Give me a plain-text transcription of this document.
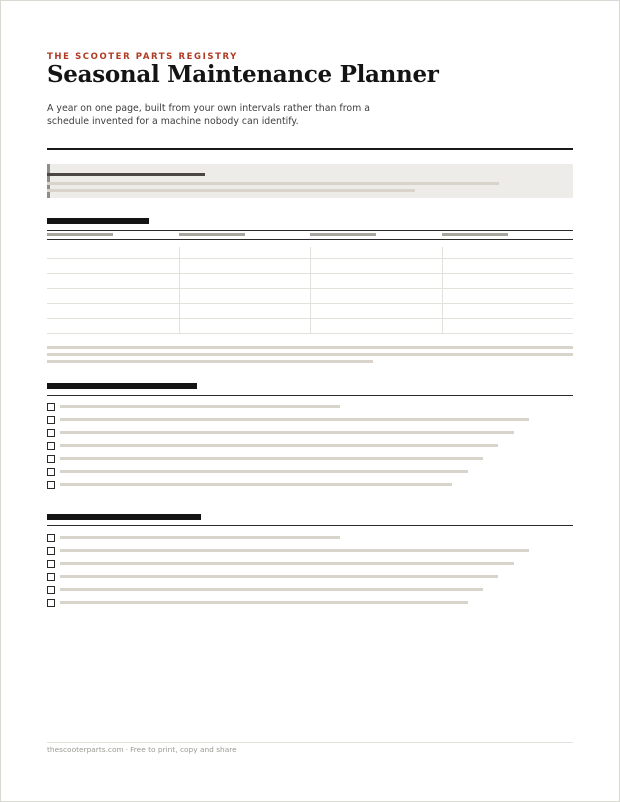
THE SCOOTER PARTS REGISTRY
Seasonal Maintenance Planner
A year on one page, built from your own intervals rather than from a
schedule invented for a machine nobody can identify.
thescooterparts.com · Free to print, copy and share
